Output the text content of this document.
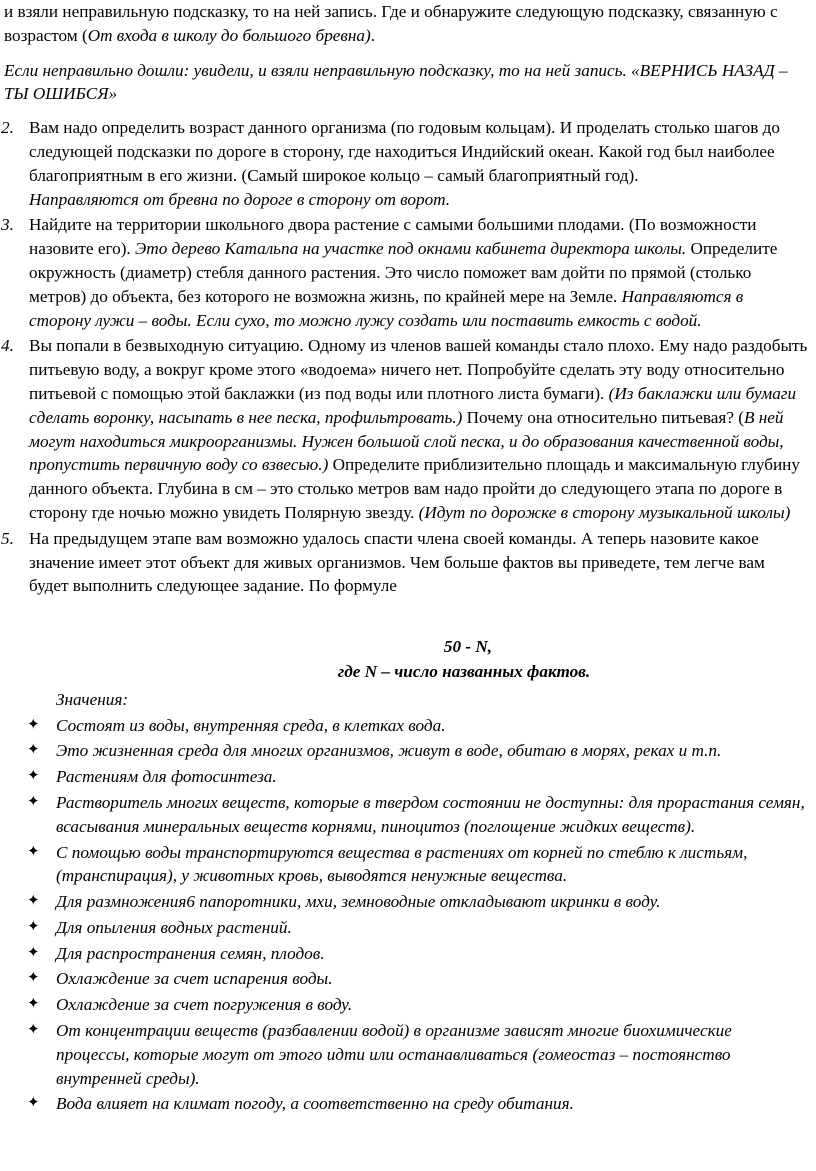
и взяли неправильную подсказку, то на ней запись. Где и обнаружите следующую подсказку, связанную с возрастом (От входа в школу до большого бревна).

Если неправильно дошли: увидели, и взяли неправильную подсказку, то на ней запись. «ВЕРНИСЬ НАЗАД – ТЫ ОШИБСЯ»

2. Вам надо определить возраст данного организма (по годовым кольцам). И проделать столько шагов до следующей подсказки по дороге в сторону, где находиться Индийский океан. Какой год был наиболее благоприятным в его жизни. (Самый широкое кольцо – самый благоприятный год).
Направляются от бревна по дороге в сторону от ворот.
3. Найдите на территории школьного двора растение с самыми большими плодами. (По возможности назовите его). Это дерево Катальпа на участке под окнами кабинета директора школы. Определите окружность (диаметр) стебля данного растения. Это число поможет вам дойти по прямой (столько метров) до объекта, без которого не возможна жизнь, по крайней мере на Земле. Направляются в сторону лужи – воды. Если сухо, то можно лужу создать или поставить емкость с водой.
4. Вы попали в безвыходную ситуацию. Одному из членов вашей команды стало плохо. Ему надо раздобыть питьевую воду, а вокруг кроме этого «водоема» ничего нет. Попробуйте сделать эту воду относительно питьевой с помощью этой баклажки (из под воды или плотного листа бумаги). (Из баклажки или бумаги сделать воронку, насыпать в нее песка, профильтровать.) Почему она относительно питьевая? (В ней могут находиться микроорганизмы. Нужен большой слой песка, и до образования качественной воды, пропустить первичную воду со взвесью.) Определите приблизительно площадь и максимальную глубину данного объекта. Глубина в см – это столько метров вам надо пройти до следующего этапа по дороге в сторону где ночью можно увидеть Полярную звезду. (Идут по дорожке в сторону музыкальной школы)
5. На предыдущем этапе вам возможно удалось спасти члена своей команды. А теперь назовите какое значение имеет этот объект для живых организмов. Чем больше фактов вы приведете, тем легче вам будет выполнить следующее задание. По формуле

50 - N,

где N – число названных фактов.

Значения:

✦ Состоят из воды, внутренняя среда, в клетках вода.
✦ Это жизненная среда для многих организмов, живут в воде, обитаю в морях, реках и т.п.
✦ Растениям для фотосинтеза.
✦ Растворитель многих веществ, которые в твердом состоянии не доступны: для прорастания семян, всасывания минеральных веществ корнями, пиноцитоз (поглощение жидких веществ).
✦ С помощью воды транспортируются вещества в растениях от корней по стеблю к листьям, (транспирация), у животных кровь, выводятся ненужные вещества.
✦ Для размножения6 папоротники, мхи, земноводные откладывают икринки в воду.
✦ Для опыления водных растений.
✦ Для распространения семян, плодов.
✦ Охлаждение за счет испарения воды.
✦ Охлаждение за счет погружения в воду.
✦ От концентрации веществ (разбавлении водой) в организме зависят многие биохимические процессы, которые могут от этого идти или останавливаться (гомеостаз – постоянство внутренней среды).
✦ Вода влияет на климат погоду, а соответственно на среду обитания.
